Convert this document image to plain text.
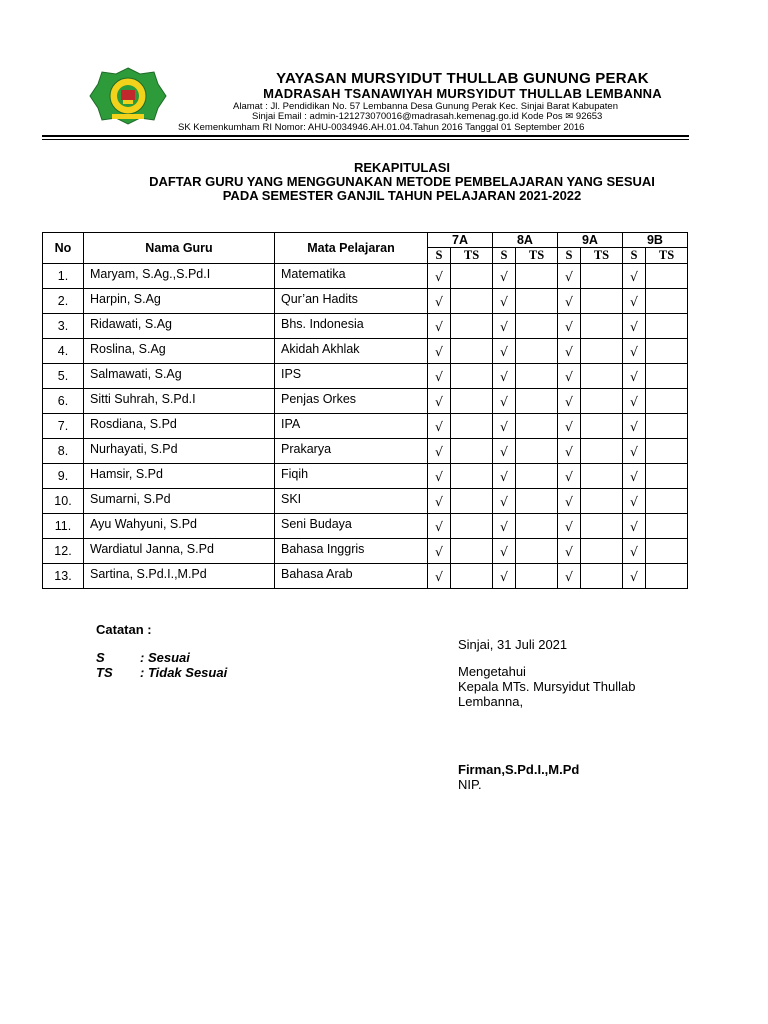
YAYASAN MURSYIDUT THULLAB GUNUNG PERAK
MADRASAH TSANAWIYAH MURSYIDUT THULLAB LEMBANNA
Alamat : Jl. Pendidikan No. 57 Lembanna Desa Gunung Perak Kec. Sinjai Barat Kabupaten
Sinjai Email : admin-121273070016@madrasah.kemenag.go.id Kode Pos ✉ 92653
SK Kemenkumham RI Nomor: AHU-0034946.AH.01.04.Tahun 2016 Tanggal 01 September 2016
REKAPITULASI
DAFTAR GURU YANG MENGGUNAKAN METODE PEMBELAJARAN YANG SESUAI
PADA SEMESTER GANJIL TAHUN PELAJARAN 2021-2022
No	Nama Guru	Mata Pelajaran	7A		8A		9A		9B	
			S	TS	S	TS	S	TS	S	TS
1.	Maryam, S.Ag.,S.Pd.I	Matematika	√		√		√		√	
2.	Harpin, S.Ag	Qur’an Hadits	√		√		√		√	
3.	Ridawati, S.Ag	Bhs. Indonesia	√		√		√		√	
4.	Roslina, S.Ag	Akidah Akhlak	√		√		√		√	
5.	Salmawati, S.Ag	IPS	√		√		√		√	
6.	Sitti Suhrah, S.Pd.I	Penjas Orkes	√		√		√		√	
7.	Rosdiana, S.Pd	IPA	√		√		√		√	
8.	Nurhayati, S.Pd	Prakarya	√		√		√		√	
9.	Hamsir, S.Pd	Fiqih	√		√		√		√	
10.	Sumarni, S.Pd	SKI	√		√		√		√	
11.	Ayu Wahyuni, S.Pd	Seni Budaya	√		√		√		√	
12.	Wardiatul Janna, S.Pd	Bahasa Inggris	√		√		√		√	
13.	Sartina, S.Pd.I.,M.Pd	Bahasa Arab	√		√		√		√	
Catatan :
S	: Sesuai
TS : Tidak Sesuai
Sinjai, 31 Juli 2021
Mengetahui
Kepala MTs. Mursyidut Thullab
Lembanna,
Firman,S.Pd.I.,M.Pd
NIP.
